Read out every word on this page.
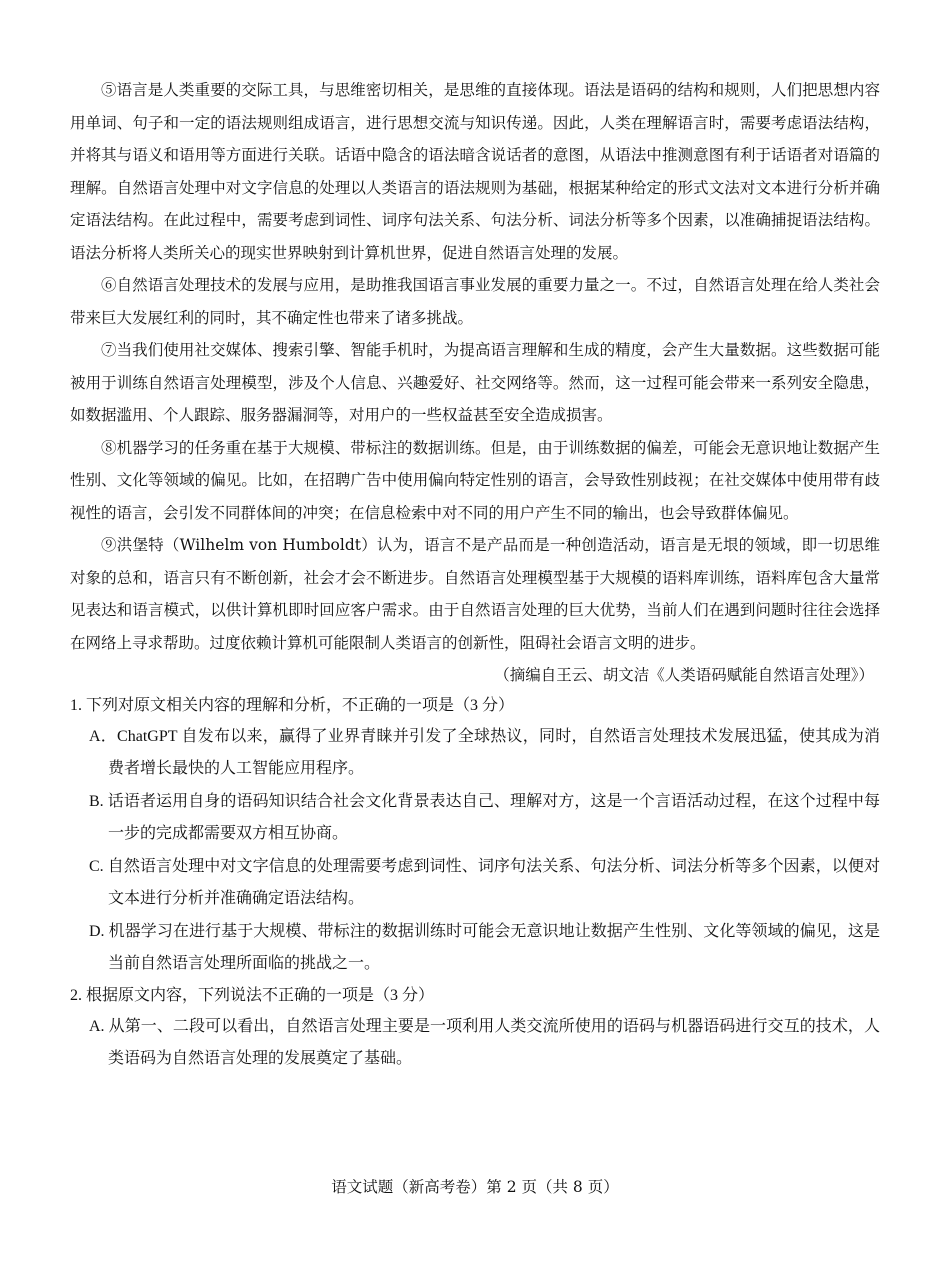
⑤语言是人类重要的交际工具，与思维密切相关，是思维的直接体现。语法是语码的结构和规则，人们把思想内容用单词、句子和一定的语法规则组成语言，进行思想交流与知识传递。因此，人类在理解语言时，需要考虑语法结构，并将其与语义和语用等方面进行关联。话语中隐含的语法暗含说话者的意图，从语法中推测意图有利于话语者对语篇的理解。自然语言处理中对文字信息的处理以人类语言的语法规则为基础，根据某种给定的形式文法对文本进行分析并确定语法结构。在此过程中，需要考虑到词性、词序句法关系、句法分析、词法分析等多个因素，以准确捕捉语法结构。语法分析将人类所关心的现实世界映射到计算机世界，促进自然语言处理的发展。

⑥自然语言处理技术的发展与应用，是助推我国语言事业发展的重要力量之一。不过，自然语言处理在给人类社会带来巨大发展红利的同时，其不确定性也带来了诸多挑战。

⑦当我们使用社交媒体、搜索引擎、智能手机时，为提高语言理解和生成的精度，会产生大量数据。这些数据可能被用于训练自然语言处理模型，涉及个人信息、兴趣爱好、社交网络等。然而，这一过程可能会带来一系列安全隐患，如数据滥用、个人跟踪、服务器漏洞等，对用户的一些权益甚至安全造成损害。

⑧机器学习的任务重在基于大规模、带标注的数据训练。但是，由于训练数据的偏差，可能会无意识地让数据产生性别、文化等领域的偏见。比如，在招聘广告中使用偏向特定性别的语言，会导致性别歧视；在社交媒体中使用带有歧视性的语言，会引发不同群体间的冲突；在信息检索中对不同的用户产生不同的输出，也会导致群体偏见。

⑨洪堡特（Wilhelm von Humboldt）认为，语言不是产品而是一种创造活动，语言是无垠的领域，即一切思维对象的总和，语言只有不断创新，社会才会不断进步。自然语言处理模型基于大规模的语料库训练，语料库包含大量常见表达和语言模式，以供计算机即时回应客户需求。由于自然语言处理的巨大优势，当前人们在遇到问题时往往会选择在网络上寻求帮助。过度依赖计算机可能限制人类语言的创新性，阻碍社会语言文明的进步。

（摘编自王云、胡文洁《人类语码赋能自然语言处理》）

1. 下列对原文相关内容的理解和分析，不正确的一项是（3 分）

A．ChatGPT 自发布以来，赢得了业界青睐并引发了全球热议，同时，自然语言处理技术发展迅猛，使其成为消费者增长最快的人工智能应用程序。

B. 话语者运用自身的语码知识结合社会文化背景表达自己、理解对方，这是一个言语活动过程，在这个过程中每一步的完成都需要双方相互协商。

C. 自然语言处理中对文字信息的处理需要考虑到词性、词序句法关系、句法分析、词法分析等多个因素，以便对文本进行分析并准确确定语法结构。

D. 机器学习在进行基于大规模、带标注的数据训练时可能会无意识地让数据产生性别、文化等领域的偏见，这是当前自然语言处理所面临的挑战之一。

2. 根据原文内容，下列说法不正确的一项是（3 分）

A. 从第一、二段可以看出，自然语言处理主要是一项利用人类交流所使用的语码与机器语码进行交互的技术，人类语码为自然语言处理的发展奠定了基础。

语文试题（新高考卷）第 2 页（共 8 页）
